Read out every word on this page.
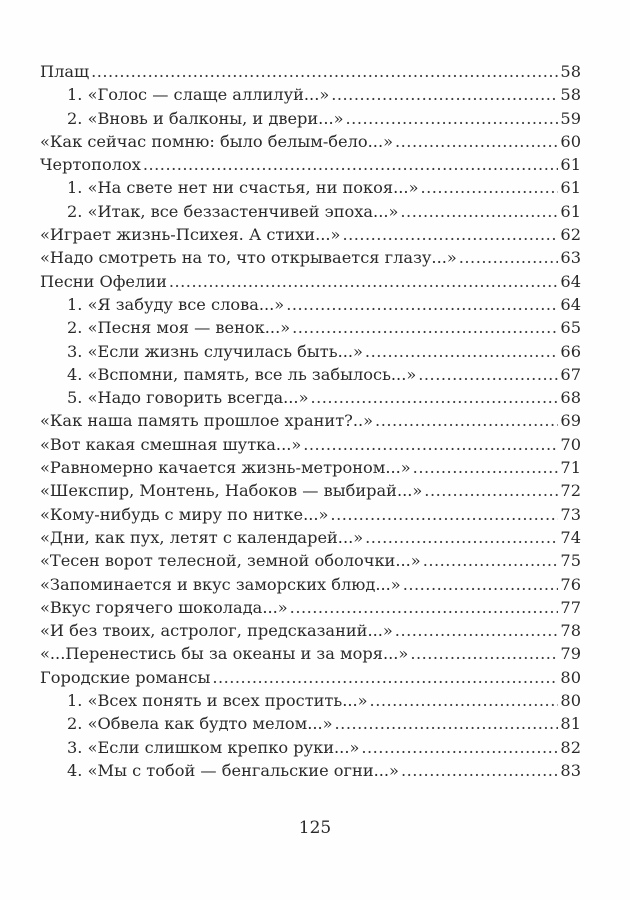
Плащ .....	58
1. «Голос — слаще аллилуй...» .....	58
2. «Вновь и балконы, и двери...» .....	59
«Как сейчас помню: было белым-бело...» .....	60
Чертополох .....	61
1. «На свете нет ни счастья, ни покоя...» .....	61
2. «Итак, все беззастенчивей эпоха...» .....	61
«Играет жизнь-Психея. А стихи...» .....	62
«Надо смотреть на то, что открывается глазу...» .....	63
Песни Офелии .....	64
1. «Я забуду все слова...» .....	64
2. «Песня моя — венок...» .....	65
3. «Если жизнь случилась быть...» .....	66
4. «Вспомни, память, все ль забылось...» .....	67
5. «Надо говорить всегда...» .....	68
«Как наша память прошлое хранит?..» .....	69
«Вот какая смешная шутка...» .....	70
«Равномерно качается жизнь-метроном...» .....	71
«Шекспир, Монтень, Набоков — выбирай...» .....	72
«Кому-нибудь с миру по нитке...» .....	73
«Дни, как пух, летят с календарей...» .....	74
«Тесен ворот телесной, земной оболочки...» .....	75
«Запоминается и вкус заморских блюд...» .....	76
«Вкус горячего шоколада...» .....	77
«И без твоих, астролог, предсказаний...» .....	78
«...Перенестись бы за океаны и за моря...» .....	79
Городские романсы .....	80
1. «Всех понять и всех простить...» .....	80
2. «Обвела как будто мелом...» .....	81
3. «Если слишком крепко руки...» .....	82
4. «Мы с тобой — бенгальские огни...» .....	83
125
